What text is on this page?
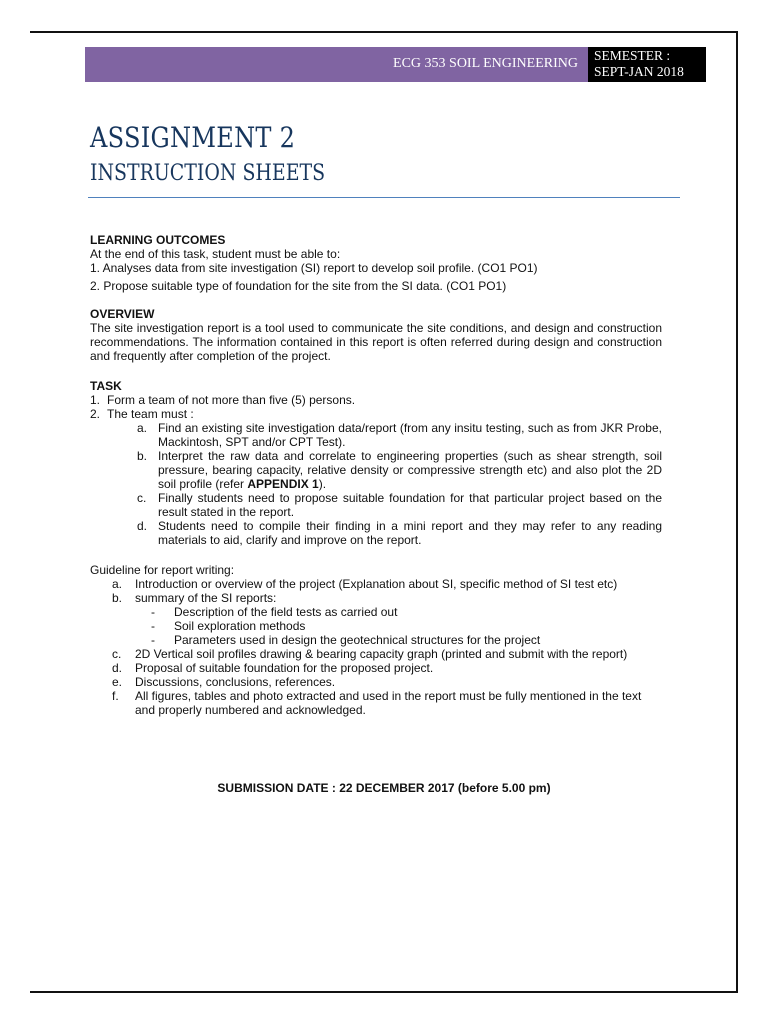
ECG 353 SOIL ENGINEERING
SEMESTER :
SEPT-JAN 2018
ASSIGNMENT 2
INSTRUCTION SHEETS
LEARNING OUTCOMES

At the end of this task, student must be able to:

1. Analyses data from site investigation (SI) report to develop soil profile. (CO1 PO1)

2. Propose suitable type of foundation for the site from the SI data. (CO1 PO1)

OVERVIEW

The site investigation report is a tool used to communicate the site conditions, and design and construction recommendations. The information contained in this report is often referred during design and construction and frequently after completion of the project.

TASK
1. Form a team of not more than five (5) persons.
2. The team must :
a. Find an existing site investigation data/report (from any insitu testing, such as from JKR Probe, Mackintosh, SPT and/or CPT Test).
b. Interpret the raw data and correlate to engineering properties (such as shear strength, soil pressure, bearing capacity, relative density or compressive strength etc) and also plot the 2D soil profile (refer APPENDIX 1).
c. Finally students need to propose suitable foundation for that particular project based on the result stated in the report.
d. Students need to compile their finding in a mini report and they may refer to any reading materials to aid, clarify and improve on the report.

Guideline for report writing:

a. Introduction or overview of the project (Explanation about SI, specific method of SI test etc)
b. summary of the SI reports:
- Description of the field tests as carried out
- Soil exploration methods
- Parameters used in design the geotechnical structures for the project
c. 2D Vertical soil profiles drawing & bearing capacity graph (printed and submit with the report)
d. Proposal of suitable foundation for the proposed project.
e. Discussions, conclusions, references.
f. All figures, tables and photo extracted and used in the report must be fully mentioned in the text and properly numbered and acknowledged.
SUBMISSION DATE : 22 DECEMBER 2017 (before 5.00 pm)
